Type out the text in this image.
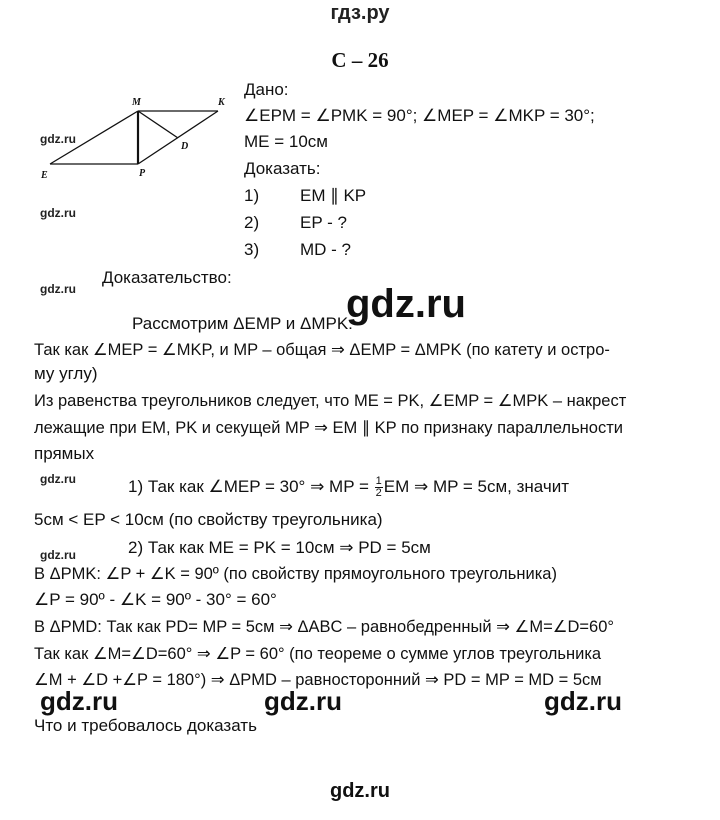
гдз.ру
С – 26
M	K
E	P
D
Дано:
∠EPM = ∠PMK = 90°; ∠MEP = ∠MKP = 30°;
ME = 10см
Доказать:
1) EM ∥ KP
2) EP - ?
3) MD - ?
Доказательство:
Рассмотрим ΔEMP и ΔMPK:
Так как ∠MEP = ∠MKP, и MP – общая ⇒ ΔEMP = ΔMPK (по катету и остро-
му углу)
Из равенства треугольников следует, что ME = PK, ∠EMP = ∠MPK – накрест
лежащие при EM, PK и секущей MP ⇒ EM ∥ KP по признаку параллельности
прямых
1) Так как ∠MEP = 30° ⇒ MP = $\frac{1}{2}$ EM ⇒ MP = 5см, значит
5см < EP < 10см (по свойству треугольника)
2) Так как ME = PK = 10см ⇒ PD = 5см
В ΔPMK: ∠P + ∠K = 90º (по свойству прямоугольного треугольника)
∠P = 90º - ∠K = 90º - 30° = 60°
В ΔPMD: Так как PD= MP = 5см ⇒ ΔABC – равнобедренный ⇒ ∠M=∠D=60°
Так как ∠M=∠D=60° ⇒ ∠P = 60° (по теореме о сумме углов треугольника
∠M + ∠D +∠P = 180°) ⇒ ΔPMD – равносторонний ⇒ PD = MP = MD = 5см
Что и требовалось доказать
gdz.ru
gdz.ru
gdz.ru
gdz.ru
gdz.ru
gdz.ru
gdz.ru	gdz.ru	gdz.ru
gdz.ru
